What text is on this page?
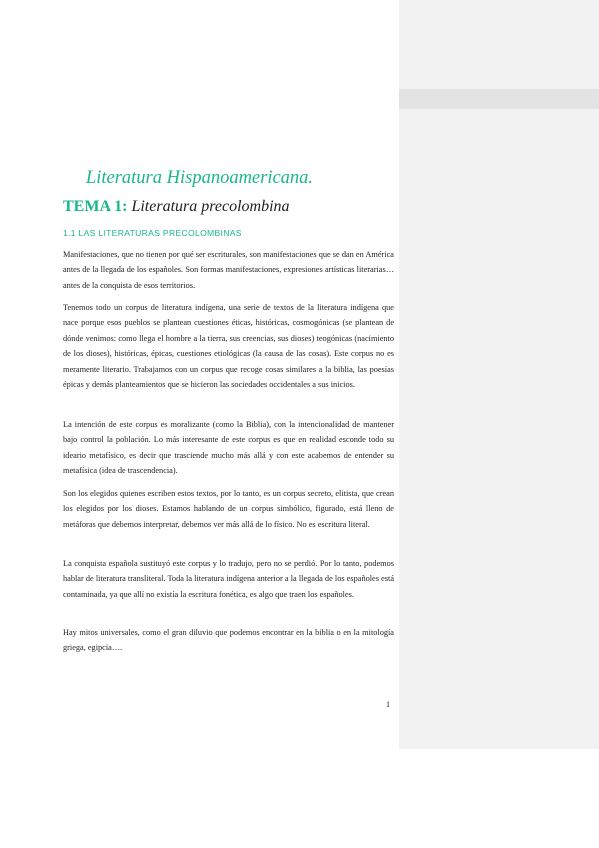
Literatura Hispanoamericana.
TEMA 1: Literatura precolombina
1.1 LAS LITERATURAS PRECOLOMBINAS

Manifestaciones, que no tienen por qué ser escriturales, son manifestaciones que se dan en América antes de la llegada de los españoles. Son formas manifestaciones, expresiones artísticas literarias… antes de la conquista de esos territorios.

Tenemos todo un corpus de literatura indígena, una serie de textos de la literatura indígena que nace porque esos pueblos se plantean cuestiones éticas, históricas, cosmogónicas (se plantean de dónde venimos: como llega el hombre a la tierra, sus creencias, sus dioses) teogónicas (nacimiento de los dioses), históricas, épicas, cuestiones etiológicas (la causa de las cosas). Este corpus no es meramente literario. Trabajamos con un corpus que recoge cosas similares a la biblia, las poesías épicas y demás planteamientos que se hicieron las sociedades occidentales a sus inicios.

La intención de este corpus es moralizante (como la Biblia), con la intencionalidad de mantener bajo control la población. Lo más interesante de este corpus es que en realidad esconde todo su ideario metafísico, es decir que trasciende mucho más allá y con este acabemos de entender su metafísica (idea de trascendencia).

Son los elegidos quienes escriben estos textos, por lo tanto, es un corpus secreto, elitista, que crean los elegidos por los dioses. Estamos hablando de un corpus simbólico, figurado, está lleno de metáforas que debemos interpretar, debemos ver más allá de lo físico. No es escritura literal.

La conquista española sustituyó este corpus y lo tradujo, pero no se perdió. Por lo tanto, podemos hablar de literatura transliteral. Toda la literatura indígena anterior a la llegada de los españoles está contaminada, ya que allí no existía la escritura fonética, es algo que traen los españoles.

Hay mitos universales, como el gran diluvio que podemos encontrar en la biblia o en la mitología griega, egipcia….

1
